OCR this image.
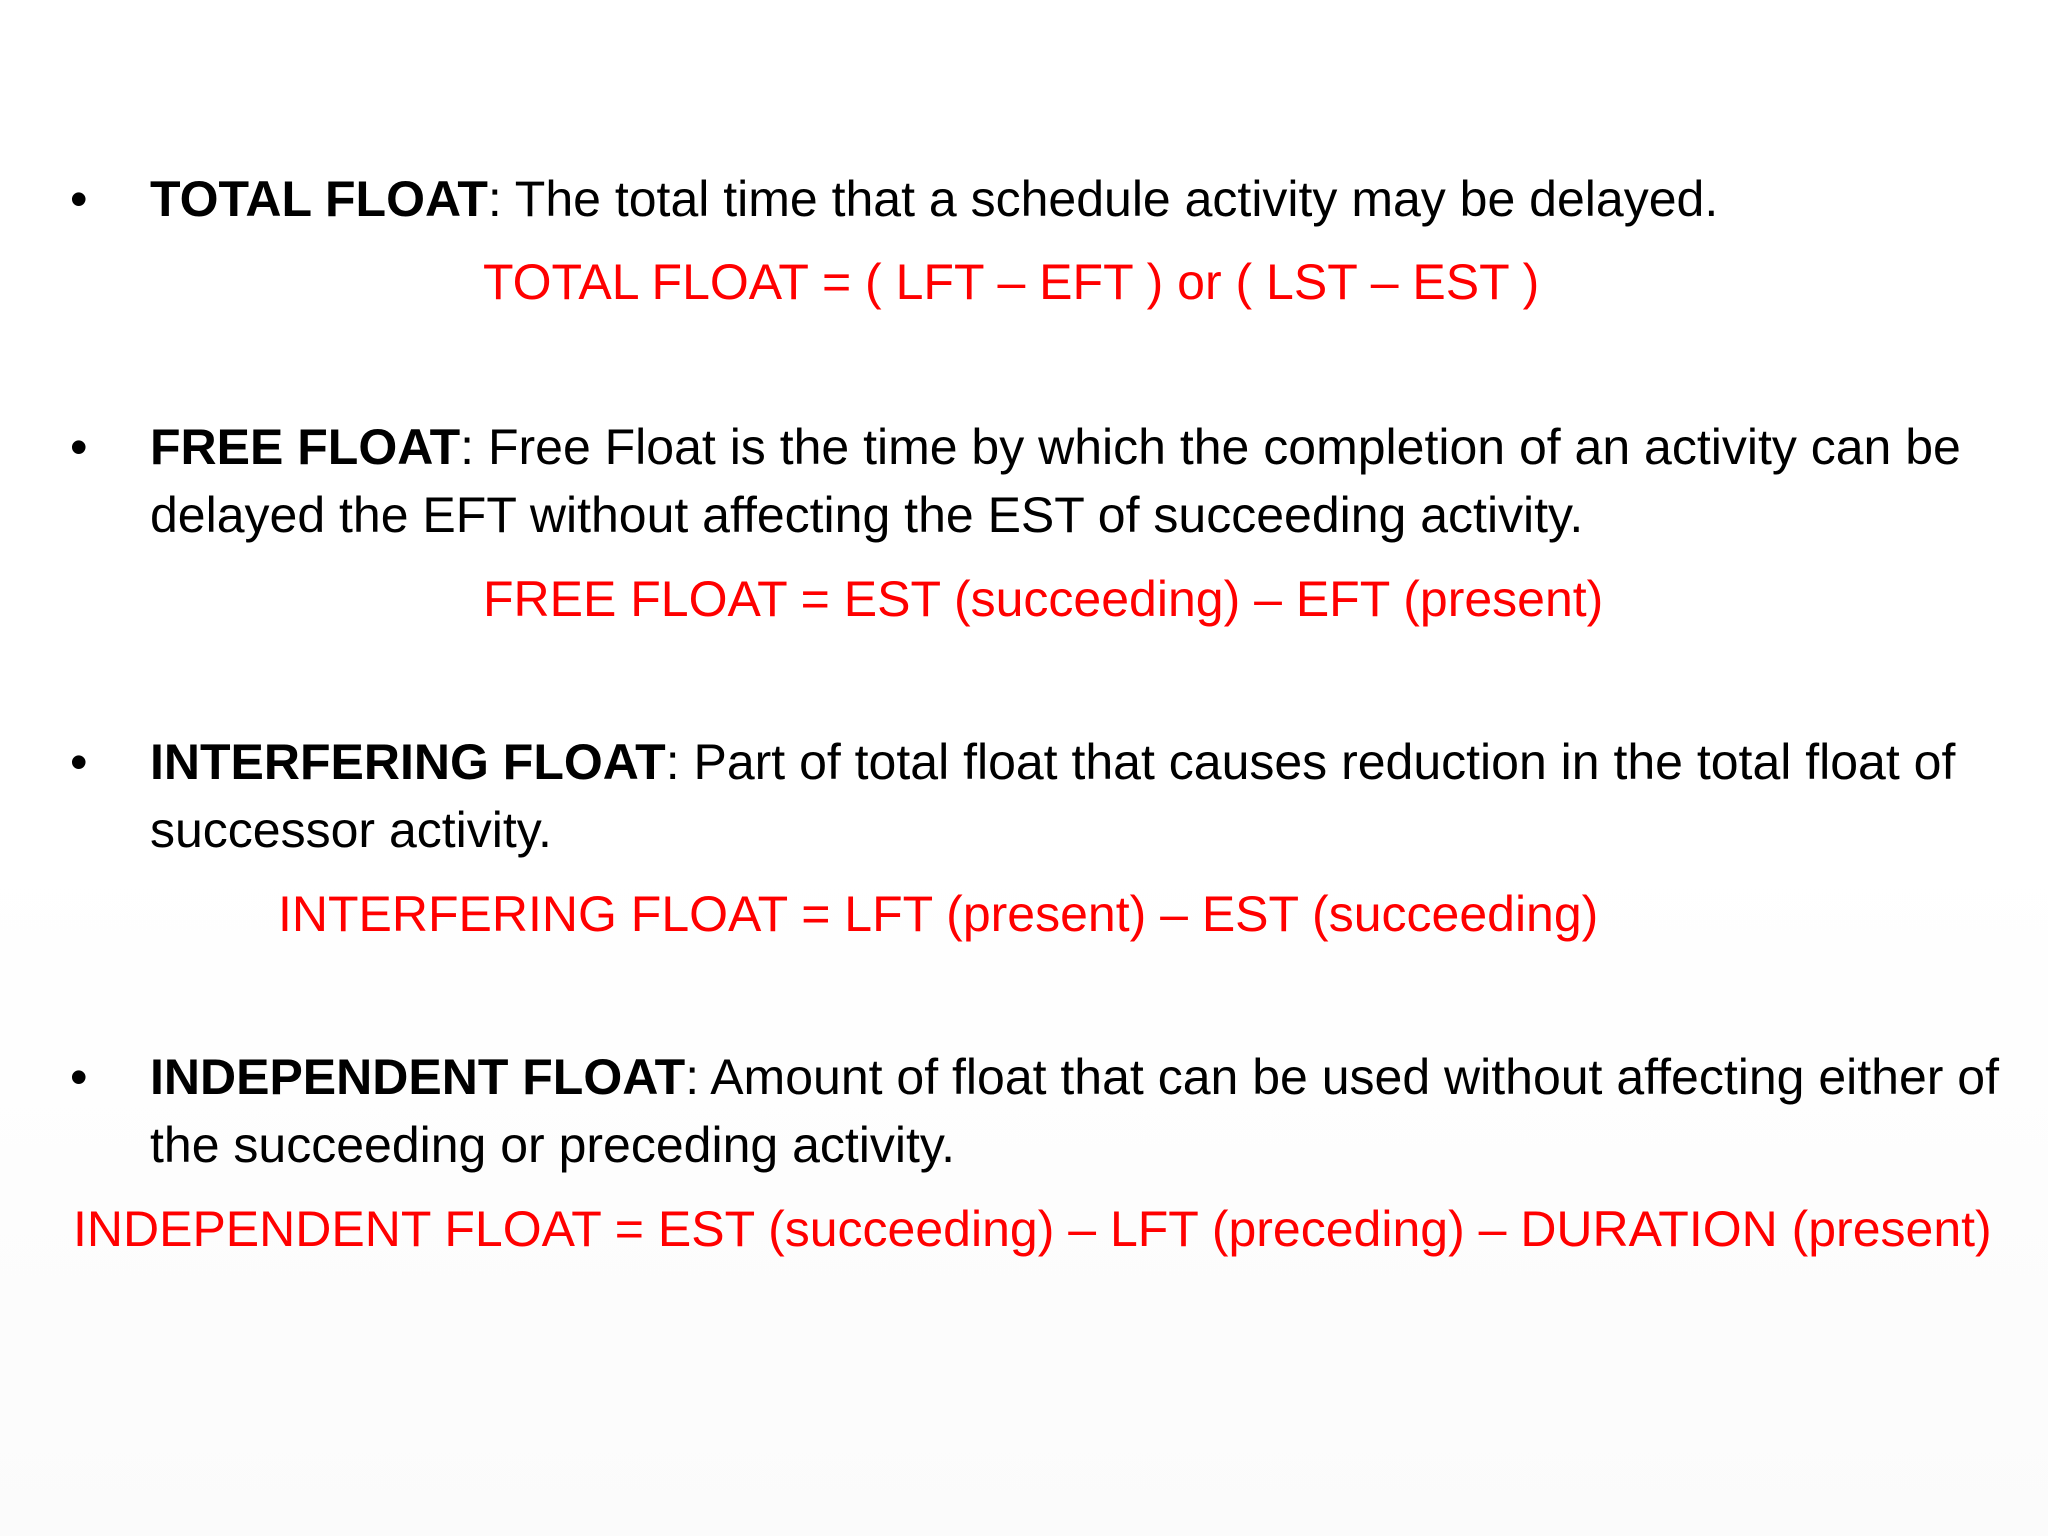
• TOTAL FLOAT: The total time that a schedule activity may be delayed.
TOTAL FLOAT = ( LFT – EFT ) or ( LST – EST )
• FREE FLOAT: Free Float is the time by which the completion of an activity can be delayed the EFT without affecting the EST of succeeding activity.
FREE FLOAT = EST (succeeding) – EFT (present)
• INTERFERING FLOAT: Part of total float that causes reduction in the total float of successor activity.
INTERFERING FLOAT = LFT (present) – EST (succeeding)
• INDEPENDENT FLOAT: Amount of float that can be used without affecting either of the succeeding or preceding activity.
INDEPENDENT FLOAT = EST (succeeding) – LFT (preceding) – DURATION (present)
